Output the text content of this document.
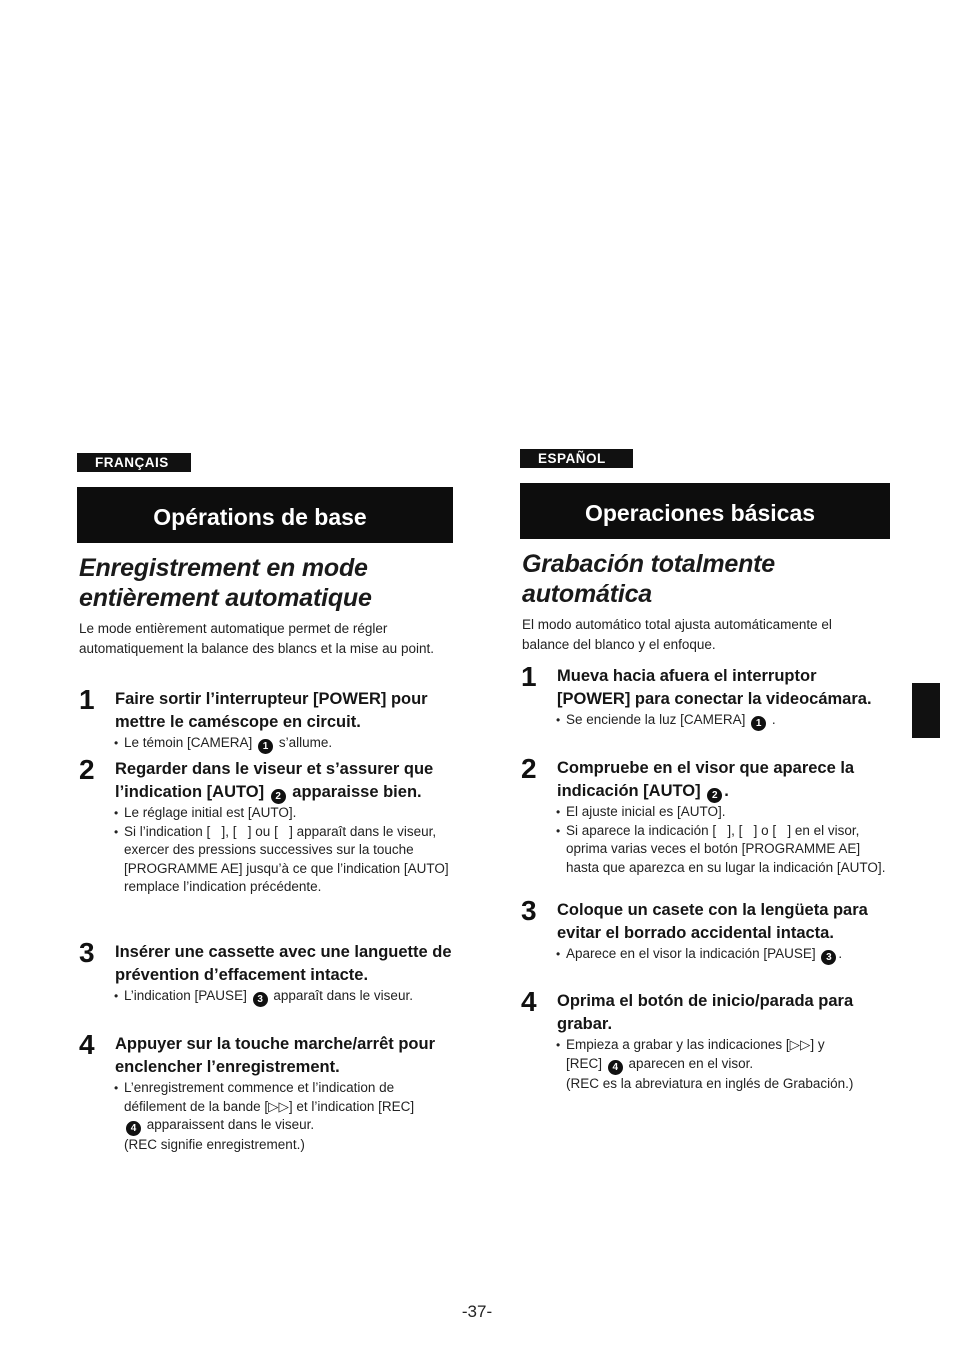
FRANÇAIS
Opérations de base
Enregistrement en mode
entièrement automatique
Le mode entièrement automatique permet de régler automatiquement la balance des blancs et la mise au point.
1 Faire sortir l’interrupteur [POWER] pour mettre le caméscope en circuit.
• Le témoin [CAMERA] 1 s’allume.
2 Regarder dans le viseur et s’assurer que l’indication [AUTO] 2 apparaisse bien.
• Le réglage initial est [AUTO].
• Si l’indication [   ], [   ] ou [   ] apparaît dans le viseur, exercer des pressions successives sur la touche [PROGRAMME AE] jusqu’à ce que l’indication [AUTO] remplace l’indication précédente.
3 Insérer une cassette avec une languette de prévention d’effacement intacte.
• L’indication [PAUSE] 3 apparaît dans le viseur.
4 Appuyer sur la touche marche/arrêt pour enclencher l’enregistrement.
• L’enregistrement commence et l’indication de défilement de la bande [▷▷] et l’indication [REC]
4 apparaissent dans le viseur.
(REC signifie enregistrement.)
ESPAÑOL
Operaciones básicas
Grabación totalmente
automática
El modo automático total ajusta automáticamente el balance del blanco y el enfoque.
1 Mueva hacia afuera el interruptor [POWER] para conectar la videocámara.
• Se enciende la luz [CAMERA] 1 .
2 Compruebe en el visor que aparece la indicación [AUTO] 2 .
• El ajuste inicial es [AUTO].
• Si aparece la indicación [   ], [   ] o [   ] en el visor, oprima varias veces el botón [PROGRAMME AE] hasta que aparezca en su lugar la indicación [AUTO].
3 Coloque un casete con la lengüeta para evitar el borrado accidental intacta.
• Aparece en el visor la indicación [PAUSE] 3 .
4 Oprima el botón de inicio/parada para grabar.
• Empieza a grabar y las indicaciones [▷▷] y
[REC] 4 aparecen en el visor.
(REC es la abreviatura en inglés de Grabación.)
-37-
